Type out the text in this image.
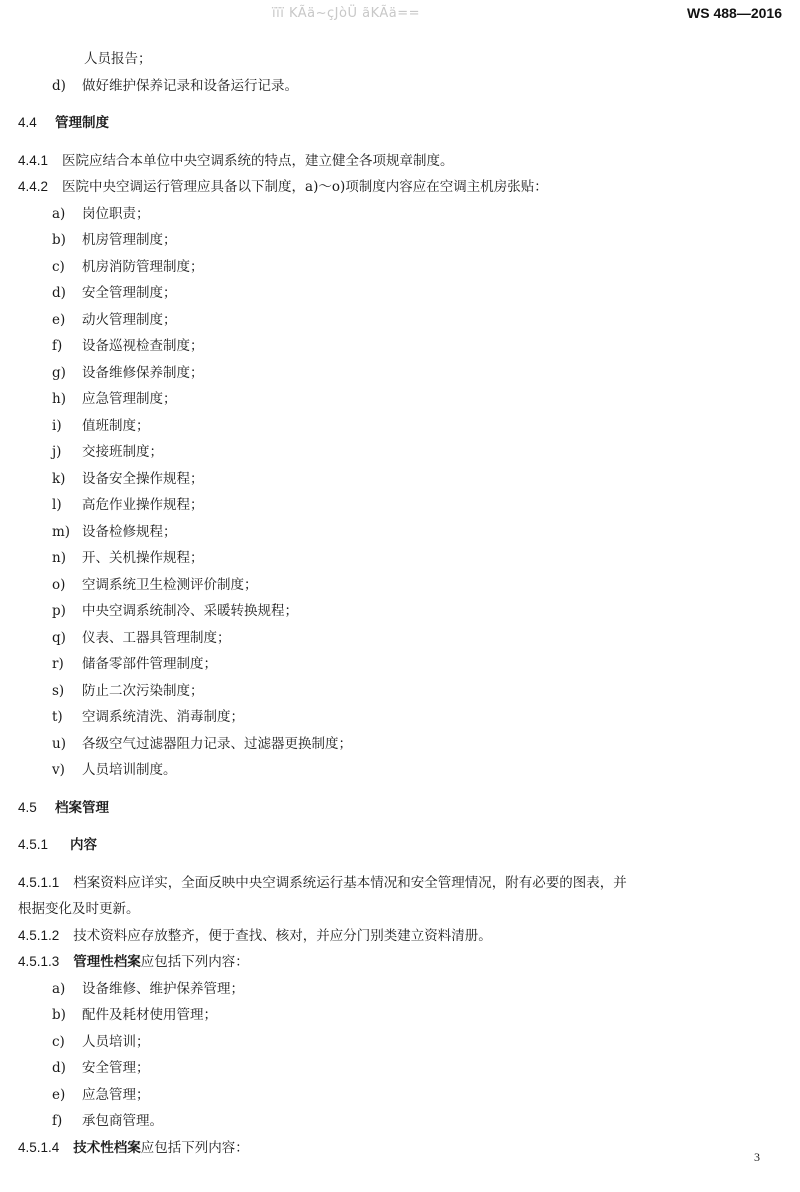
ïïï KÃä~çJòÜ ãKÃä==	WS 488—2016
人员报告；
d) 做好维护保养记录和设备运行记录。
4.4 管理制度
4.4.1 医院应结合本单位中央空调系统的特点，建立健全各项规章制度。
4.4.2 医院中央空调运行管理应具备以下制度，a)～o)项制度内容应在空调主机房张贴：
a) 岗位职责；
b) 机房管理制度；
c) 机房消防管理制度；
d) 安全管理制度；
e) 动火管理制度；
f) 设备巡视检查制度；
g) 设备维修保养制度；
h) 应急管理制度；
i) 值班制度；
j) 交接班制度；
k) 设备安全操作规程；
l) 高危作业操作规程；
m) 设备检修规程；
n) 开、关机操作规程；
o) 空调系统卫生检测评价制度；
p) 中央空调系统制冷、采暖转换规程；
q) 仪表、工器具管理制度；
r) 储备零部件管理制度；
s) 防止二次污染制度；
t) 空调系统清洗、消毒制度；
u) 各级空气过滤器阻力记录、过滤器更换制度；
v) 人员培训制度。
4.5 档案管理
4.5.1 内容
4.5.1.1 档案资料应详实，全面反映中央空调系统运行基本情况和安全管理情况，附有必要的图表，并
根据变化及时更新。
4.5.1.2 技术资料应存放整齐，便于查找、核对，并应分门别类建立资料清册。
4.5.1.3 管理性档案应包括下列内容：
a) 设备维修、维护保养管理；
b) 配件及耗材使用管理；
c) 人员培训；
d) 安全管理；
e) 应急管理；
f) 承包商管理。
4.5.1.4 技术性档案应包括下列内容：
3
